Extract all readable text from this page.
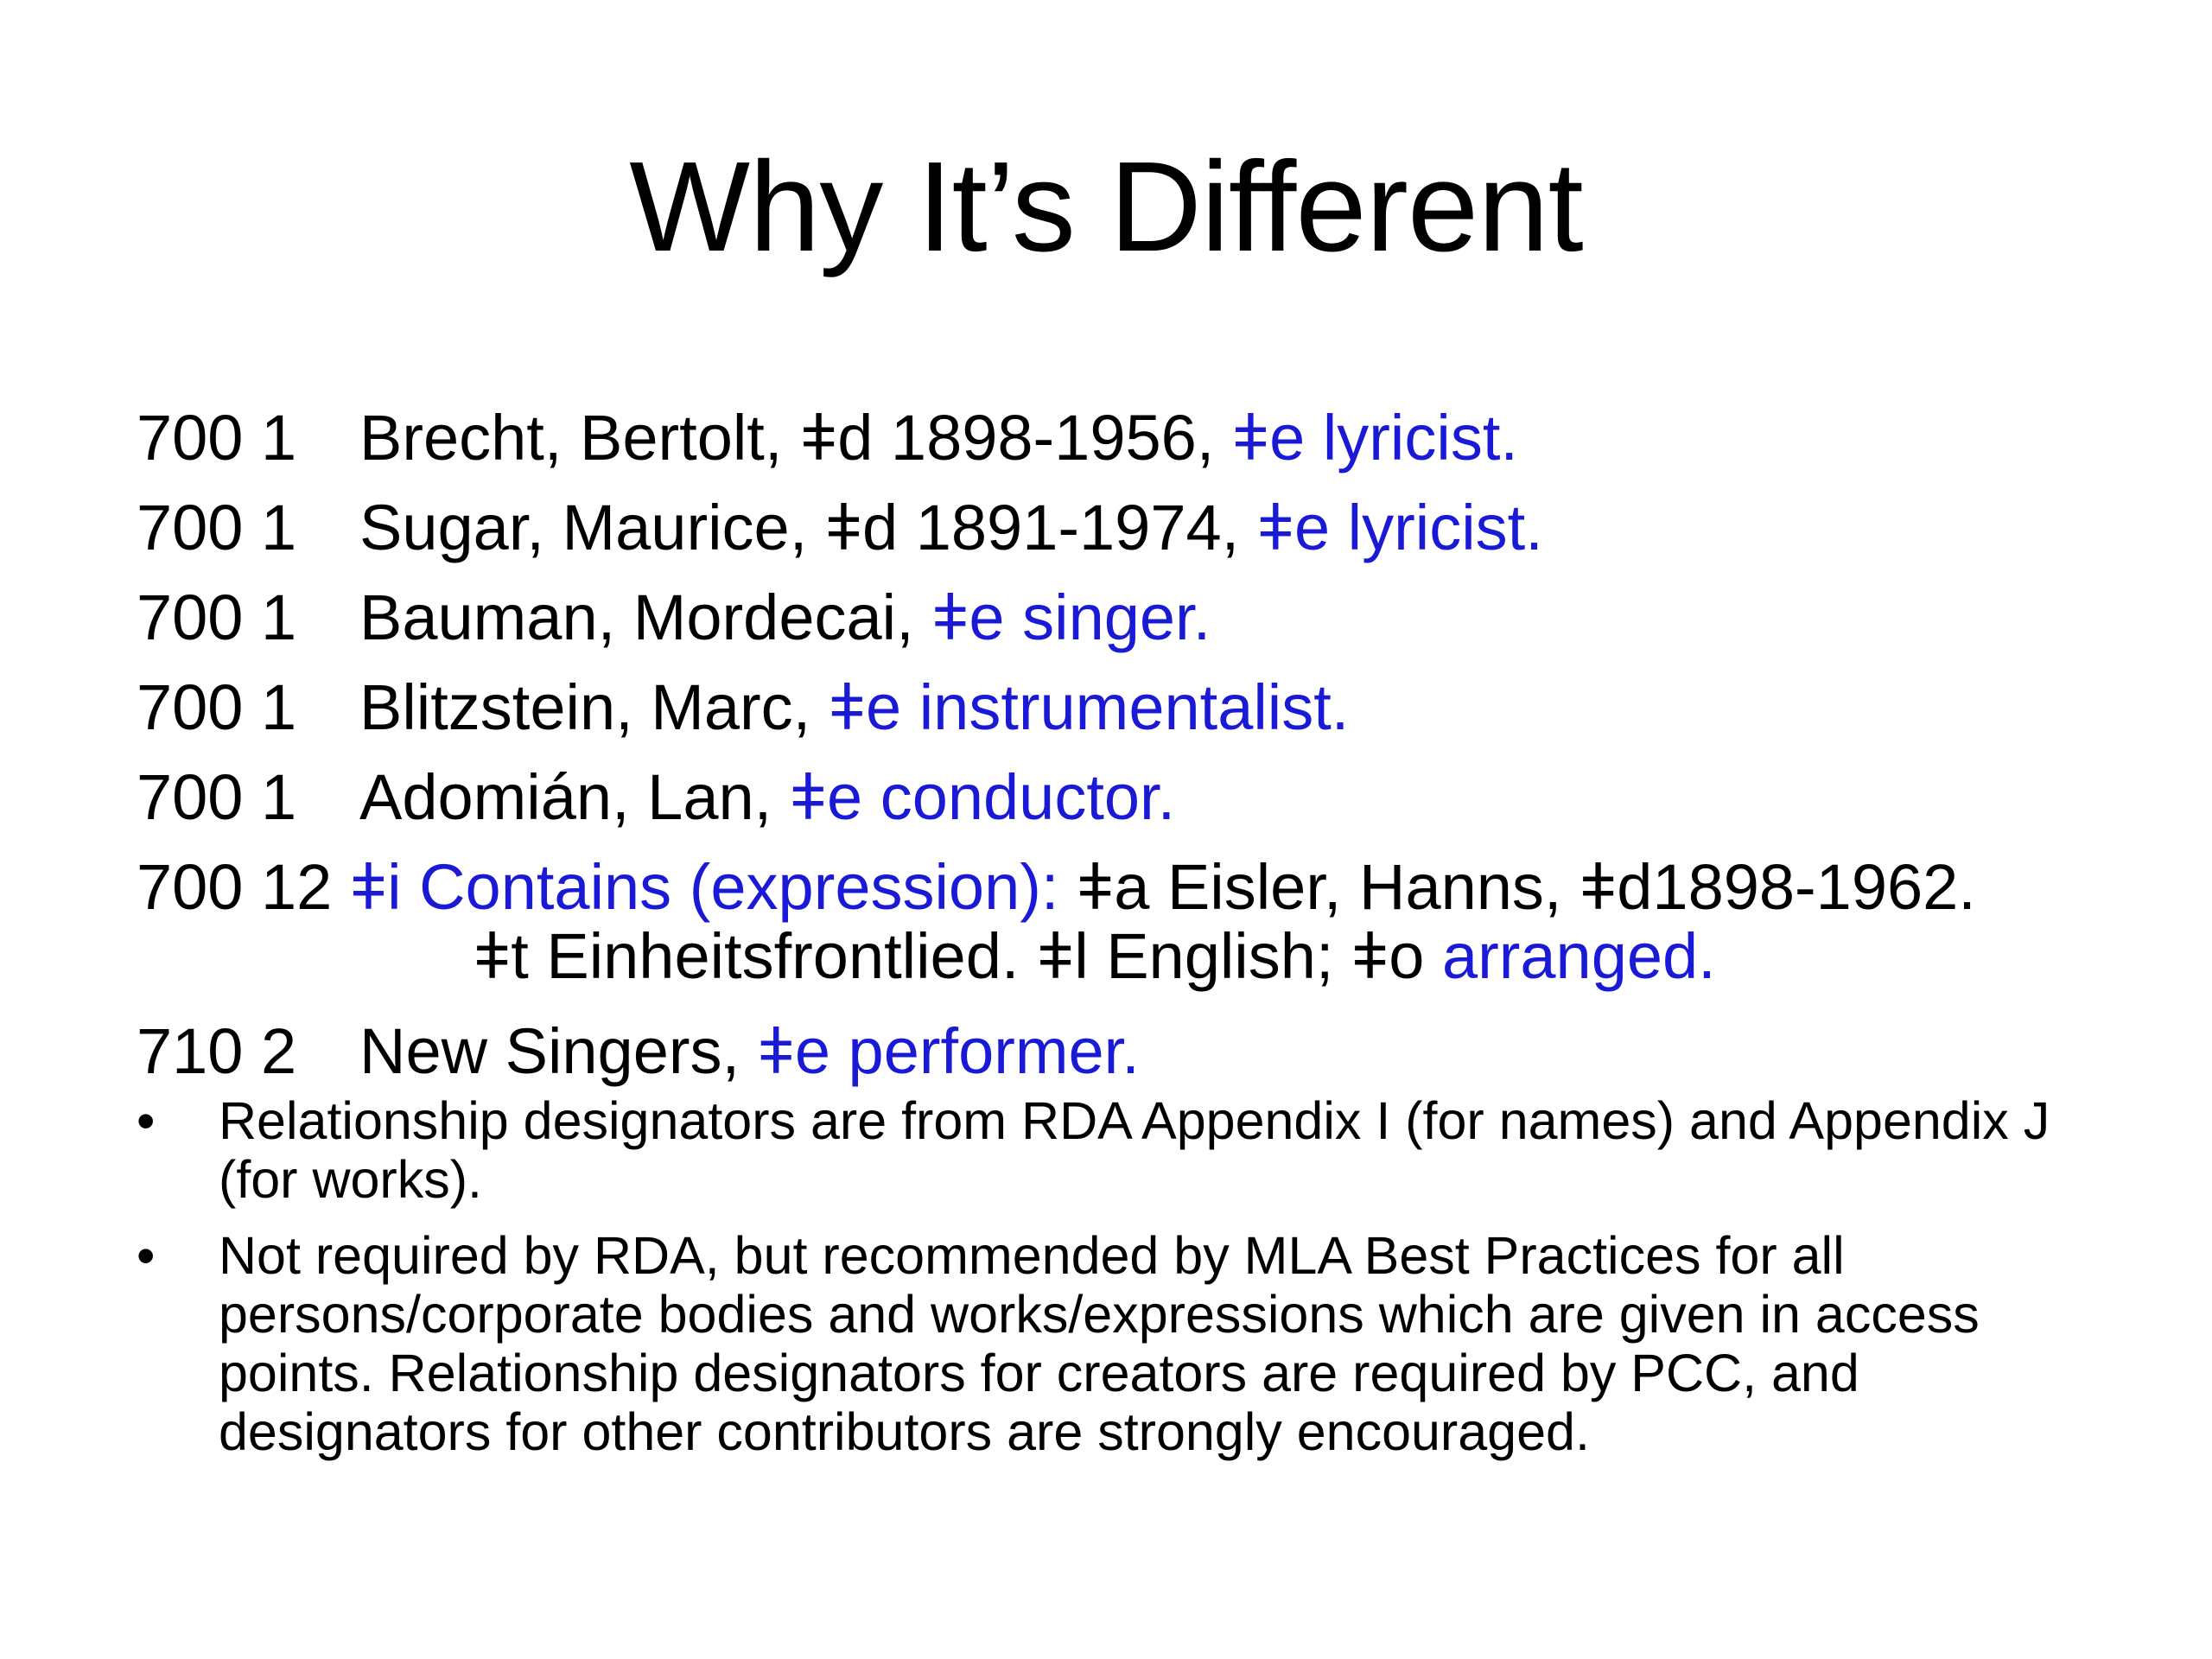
Why It’s Different
700 1 Brecht, Bertolt, ǂd 1898-1956, ǂe lyricist.
700 1 Sugar, Maurice, ǂd 1891-1974, ǂe lyricist.
700 1 Bauman, Mordecai, ǂe singer.
700 1 Blitzstein, Marc, ǂe instrumentalist.
700 1 Adomián, Lan, ǂe conductor.
700 12 ǂi Contains (expression): ǂa Eisler, Hanns, ǂd1898-1962.
ǂt Einheitsfrontlied. ǂl English; ǂo arranged.
710 2 New Singers, ǂe performer.
• Relationship designators are from RDA Appendix I (for names) and Appendix J (for works).
• Not required by RDA, but recommended by MLA Best Practices for all persons/corporate bodies and works/expressions which are given in access points. Relationship designators for creators are required by PCC, and designators for other contributors are strongly encouraged.
